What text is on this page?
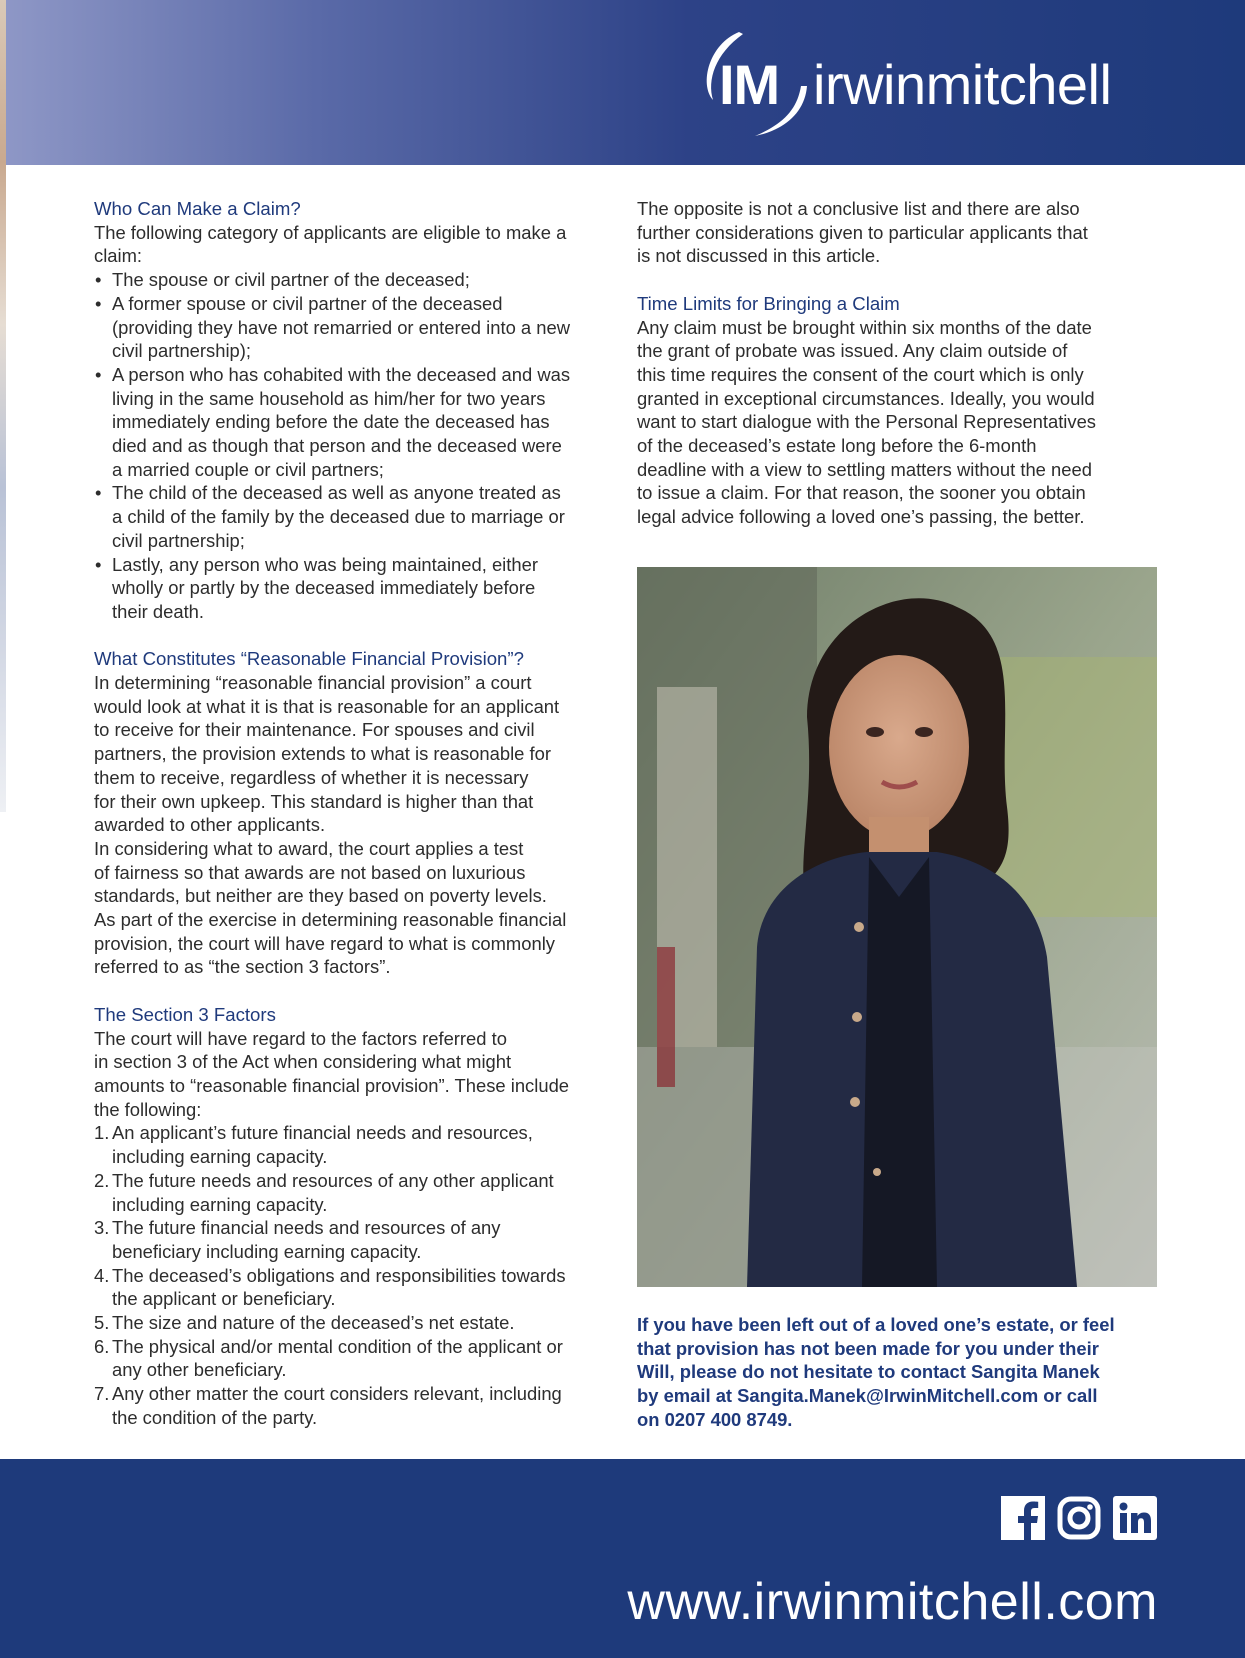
IM irwinmitchell
Who Can Make a Claim?

The following category of applicants are eligible to make a

claim:

• The spouse or civil partner of the deceased;
• A former spouse or civil partner of the deceased
(providing they have not remarried or entered into a new
civil partnership);
• A person who has cohabited with the deceased and was
living in the same household as him/her for two years
immediately ending before the date the deceased has
died and as though that person and the deceased were
a married couple or civil partners;
• The child of the deceased as well as anyone treated as
a child of the family by the deceased due to marriage or
civil partnership;
• Lastly, any person who was being maintained, either
wholly or partly by the deceased immediately before
their death.
What Constitutes “Reasonable Financial Provision”?

In determining “reasonable financial provision” a court

would look at what it is that is reasonable for an applicant

to receive for their maintenance. For spouses and civil

partners, the provision extends to what is reasonable for

them to receive, regardless of whether it is necessary

for their own upkeep. This standard is higher than that

awarded to other applicants.

In considering what to award, the court applies a test

of fairness so that awards are not based on luxurious

standards, but neither are they based on poverty levels.

As part of the exercise in determining reasonable financial

provision, the court will have regard to what is commonly

referred to as “the section 3 factors”.

The Section 3 Factors

The court will have regard to the factors referred to

in section 3 of the Act when considering what might

amounts to “reasonable financial provision”. These include

the following:

1. An applicant’s future financial needs and resources,
including earning capacity.
2. The future needs and resources of any other applicant
including earning capacity.
3. The future financial needs and resources of any
beneficiary including earning capacity.
4. The deceased’s obligations and responsibilities towards
the applicant or beneficiary.
5. The size and nature of the deceased’s net estate.
6. The physical and/or mental condition of the applicant or
any other beneficiary.
7. Any other matter the court considers relevant, including
the condition of the party.

The opposite is not a conclusive list and there are also

further considerations given to particular applicants that

is not discussed in this article.

Time Limits for Bringing a Claim

Any claim must be brought within six months of the date

the grant of probate was issued. Any claim outside of

this time requires the consent of the court which is only

granted in exceptional circumstances. Ideally, you would

want to start dialogue with the Personal Representatives

of the deceased’s estate long before the 6-month

deadline with a view to settling matters without the need

to issue a claim. For that reason, the sooner you obtain

legal advice following a loved one’s passing, the better.

If you have been left out of a loved one’s estate, or feel

that provision has not been made for you under their

Will, please do not hesitate to contact Sangita Manek

by email at Sangita.Manek@IrwinMitchell.com or call

on 0207 400 8749.

www.irwinmitchell.com
